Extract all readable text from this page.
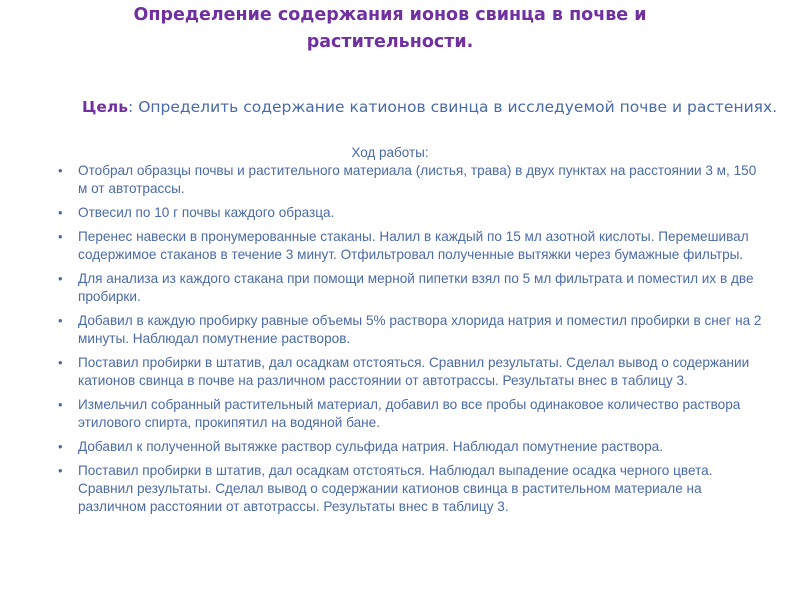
Определение содержания ионов свинца в почве и растительности.
Цель: Определить содержание катионов свинца в исследуемой почве и растениях.
Ход работы:
• Отобрал образцы почвы и растительного материала (листья, трава) в двух пунктах на расстоянии 3 м, 150 м от автотрассы.
• Отвесил по 10 г почвы каждого образца.
• Перенес навески в пронумерованные стаканы. Налил в каждый по 15 мл азотной кислоты. Перемешивал содержимое стаканов в течение 3 минут. Отфильтровал полученные вытяжки через бумажные фильтры.
• Для анализа из каждого стакана при помощи мерной пипетки взял по 5 мл фильтрата и поместил их в две пробирки.
• Добавил в каждую пробирку равные объемы 5% раствора хлорида натрия и поместил пробирки в снег на 2 минуты. Наблюдал помутнение растворов.
• Поставил пробирки в штатив, дал осадкам отстояться. Сравнил результаты. Сделал вывод о содержании катионов свинца в почве на различном расстоянии от автотрассы. Результаты внес в таблицу 3.
• Измельчил собранный растительный материал, добавил во все пробы одинаковое количество раствора этилового спирта, прокипятил на водяной бане.
• Добавил к полученной вытяжке раствор сульфида натрия. Наблюдал помутнение раствора.
• Поставил пробирки в штатив, дал осадкам отстояться. Наблюдал выпадение осадка черного цвета. Сравнил результаты. Сделал вывод о содержании катионов свинца в растительном материале на различном расстоянии от автотрассы. Результаты внес в таблицу 3.
